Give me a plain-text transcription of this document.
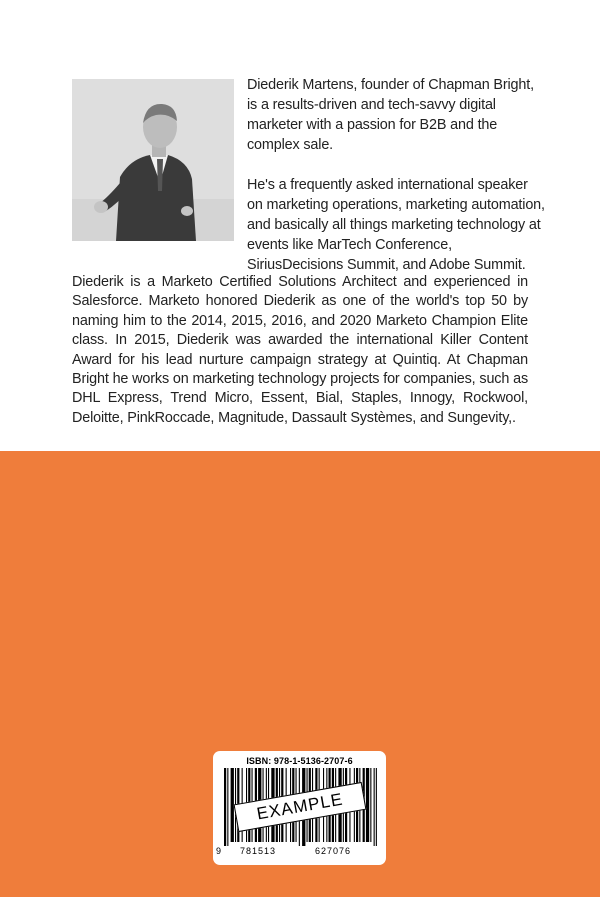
Diederik Martens, founder of Chapman Bright, is a results-driven and tech-savvy digital marketer with a passion for B2B and the complex sale.

He's a frequently asked international speaker on marketing operations, marketing automation, and basically all things marketing technology at events like MarTech Conference, SiriusDecisions Summit, and Adobe Summit.

Diederik is a Marketo Certified Solutions Architect and experienced in Salesforce. Marketo honored Diederik as one of the world's top 50 by naming him to the 2014, 2015, 2016, and 2020 Marketo Champion Elite class. In 2015, Diederik was awarded the international Killer Content Award for his lead nurture campaign strategy at Quintiq. At Chapman Bright he works on marketing technology projects for companies, such as DHL Express, Trend Micro, Essent, Bial, Staples, Innogy, Rockwool, Deloitte, PinkRoccade, Magnitude, Dassault Systèmes, and Sungevity,.

ISBN: 978-1-5136-2707-6
9 781513	627076
EXAMPLE
